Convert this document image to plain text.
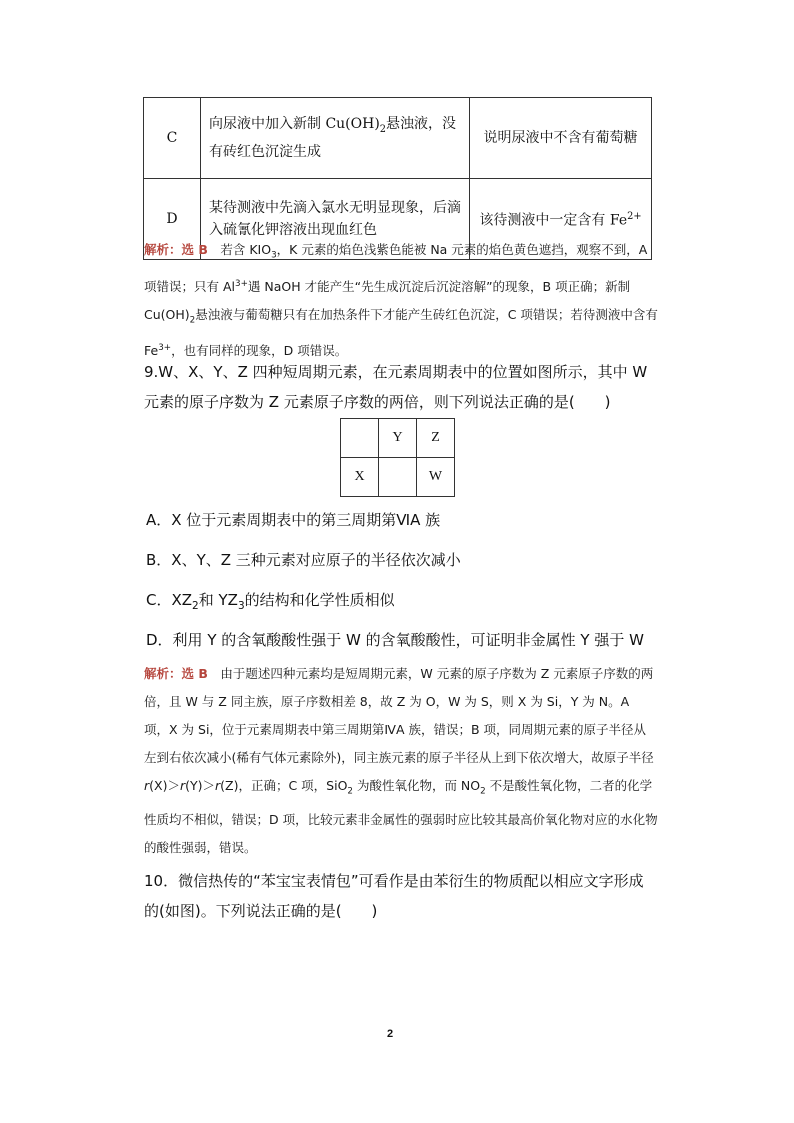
C	向尿液中加入新制 $Cu(OH)_2$悬浊液，没有砖红色沉淀生成	说明尿液中不含有葡萄糖
D	某待测液中先滴入氯水无明显现象，后滴入硫氰化钾溶液出现血红色	该待测液中一定含有 $Fe^{2+}$
解析：选 B　若含 $KIO_3$，K 元素的焰色浅紫色能被 Na 元素的焰色黄色遮挡，观察不到，A 项错误；只有 $Al^{3+}$遇 NaOH 才能产生“先生成沉淀后沉淀溶解”的现象，B 项正确；新制 $Cu(OH)_2$悬浊液与葡萄糖只有在加热条件下才能产生砖红色沉淀，C 项错误；若待测液中含有 $Fe^{3+}$，也有同样的现象，D 项错误。
9.W、X、Y、Z 四种短周期元素，在元素周期表中的位置如图所示，其中 W 元素的原子序数为 Z 元素原子序数的两倍，则下列说法正确的是(　　)
	Y	Z
X		W
A．X 位于元素周期表中的第三周期第ⅥA 族
B．X、Y、Z 三种元素对应原子的半径依次减小
C．$XZ_2$和 $YZ_3$的结构和化学性质相似
D．利用 Y 的含氧酸酸性强于 W 的含氧酸酸性，可证明非金属性 Y 强于 W
解析：选 B　由于题述四种元素均是短周期元素，W 元素的原子序数为 Z 元素原子序数的两倍，且 W 与 Z 同主族，原子序数相差 8，故 Z 为 O，W 为 S，则 X 为 Si，Y 为 N。A 项，X 为 Si，位于元素周期表中第三周期第ⅣA 族，错误；B 项，同周期元素的原子半径从左到右依次减小(稀有气体元素除外)，同主族元素的原子半径从上到下依次增大，故原子半径 r(X)＞r(Y)＞r(Z)，正确；C 项，SiO$_2$ 为酸性氧化物，而 $NO_2$ 不是酸性氧化物，二者的化学性质均不相似，错误；D 项，比较元素非金属性的强弱时应比较其最高价氧化物对应的水化物的酸性强弱，错误。
10．微信热传的“苯宝宝表情包”可看作是由苯衍生的物质配以相应文字形成的(如图)。下列说法正确的是(　　)
2
